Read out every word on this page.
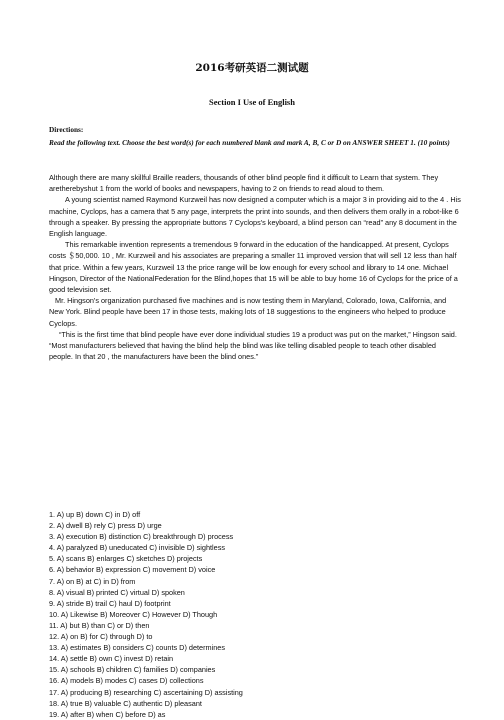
2016考研英语二测试题
Section I Use of English
Directions:
Read the following text. Choose the best word(s) for each numbered blank and mark A, B, C or D on ANSWER SHEET 1. (10 points)

Although there are many skillful Braille readers, thousands of other blind people find it difficult to Learn that system. They aretherebyshut 1 from the world of books and newspapers, having to 2 on friends to read aloud to them.

A young scientist named Raymond Kurzweil has now designed a computer which is a major 3 in providing aid to the 4 . His machine, Cyclops, has a camera that 5 any page, interprets the print into sounds, and then delivers them orally in a robot-like 6 through a speaker. By pressing the appropriate buttons 7 Cyclops's keyboard, a blind person can “read” any 8 document in the English language.

This remarkable invention represents a tremendous 9 forward in the education of the handicapped. At present, Cyclops costs ＄50,000. 10 , Mr. Kurzweil and his associates are preparing a smaller 11 improved version that will sell 12 less than half that price. Within a few years, Kurzweil 13 the price range will be low enough for every school and library to 14 one. Michael Hingson, Director of the NationalFederation for the Blind,hopes that 15 will be able to buy home 16 of Cyclops for the price of a good television set.

Mr. Hingson's organization purchased five machines and is now testing them in Maryland, Colorado, Iowa, California, and New York. Blind people have been 17 in those tests, making lots of 18 suggestions to the engineers who helped to produce Cyclops.

“This is the first time that blind people have ever done individual studies 19 a product was put on the market,” Hingson said. “Most manufacturers believed that having the blind help the blind was like telling disabled people to teach other disabled people. In that 20 , the manufacturers have been the blind ones.”

1. A) up B) down C) in D) off
2. A) dwell B) rely C) press D) urge
3. A) execution B) distinction C) breakthrough D) process
4. A) paralyzed B) uneducated C) invisible D) sightless
5. A) scans B) enlarges C) sketches D) projects
6. A) behavior B) expression C) movement D) voice
7. A) on B) at C) in D) from
8. A) visual B) printed C) virtual D) spoken
9. A) stride B) trail C) haul D) footprint
10. A) Likewise B) Moreover C) However D) Though
11. A) but B) than C) or D) then
12. A) on B) for C) through D) to
13. A) estimates B) considers C) counts D) determines
14. A) settle B) own C) invest D) retain
15. A) schools B) children C) families D) companies
16. A) models B) modes C) cases D) collections
17. A) producing B) researching C) ascertaining D) assisting
18. A) true B) valuable C) authentic D) pleasant
19. A) after B) when C) before D) as
